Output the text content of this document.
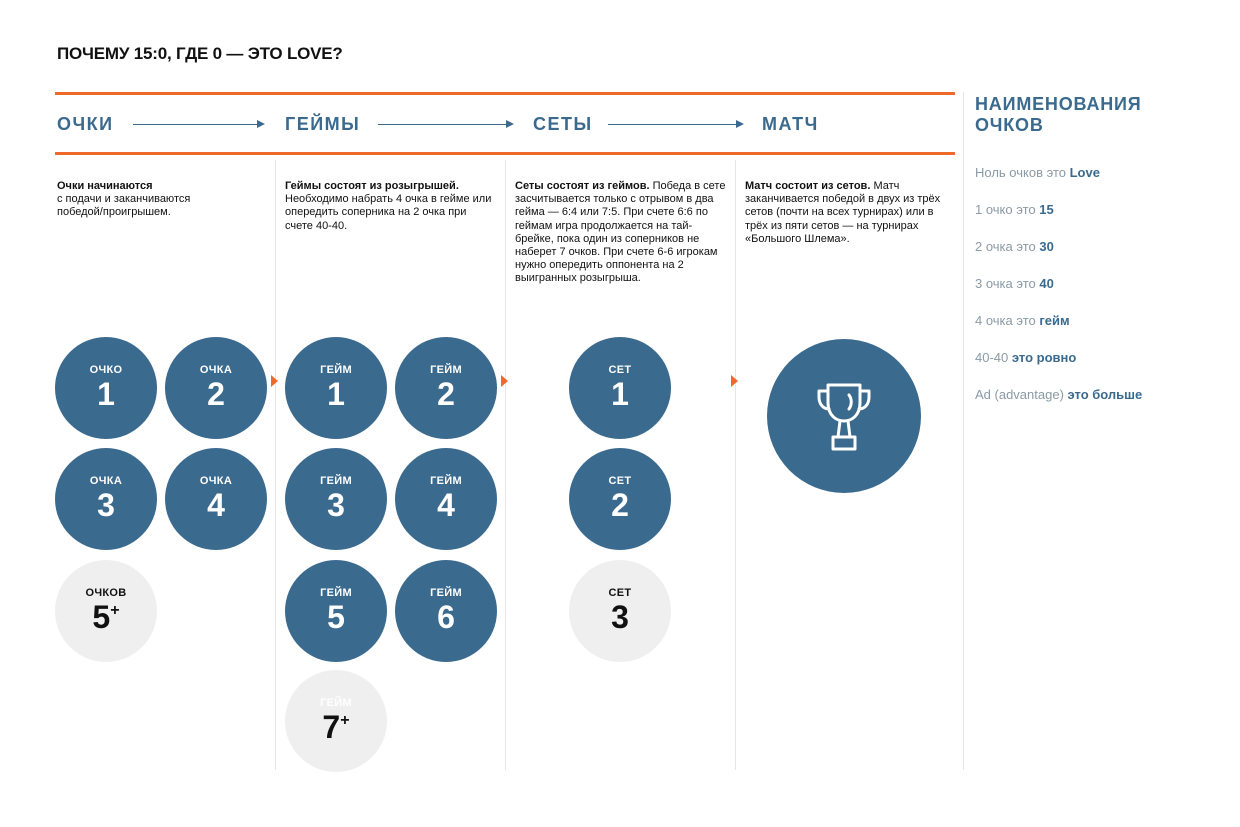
ПОЧЕМУ 15:0, ГДЕ 0 — ЭТО LOVE?
ОЧКИ	ГЕЙМЫ	СЕТЫ	МАТЧ
Очки начинаются
с подачи и заканчиваются победой/проигрышем.
Геймы состоят из розыгрышей. Необходимо набрать 4 очка в гейме или опередить соперника на 2 очка при счете 40-40.
Сеты состоят из геймов. Победа в сете засчитывается только с отрывом в два гейма — 6:4 или 7:5. При счете 6:6 по геймам игра продолжается на тай-брейке, пока один из соперников не наберет 7 очков. При счете 6-6 игрокам нужно опередить оппонента на 2 выигранных розыгрыша.
Матч состоит из сетов. Матч заканчивается победой в двух из трёх сетов (почти на всех турнирах) или в трёх из пяти сетов — на турнирах «Большого Шлема».
ОЧКО
1
ОЧКА
2
ОЧКА
3
ОЧКА
4
ОЧКОВ
5+
ГЕЙМ
1
ГЕЙМ
2
ГЕЙМ
3
ГЕЙМ
4
ГЕЙМ
5
ГЕЙМ
6
ГЕЙМ
7+
СЕТ
1
СЕТ
2
СЕТ
3
НАИМЕНОВАНИЯ
ОЧКОВ
Ноль очков это Love
1 очко это 15
2 очка это 30
3 очка это 40
4 очка это гейм
40-40 это ровно
Ad (advantage) это больше
